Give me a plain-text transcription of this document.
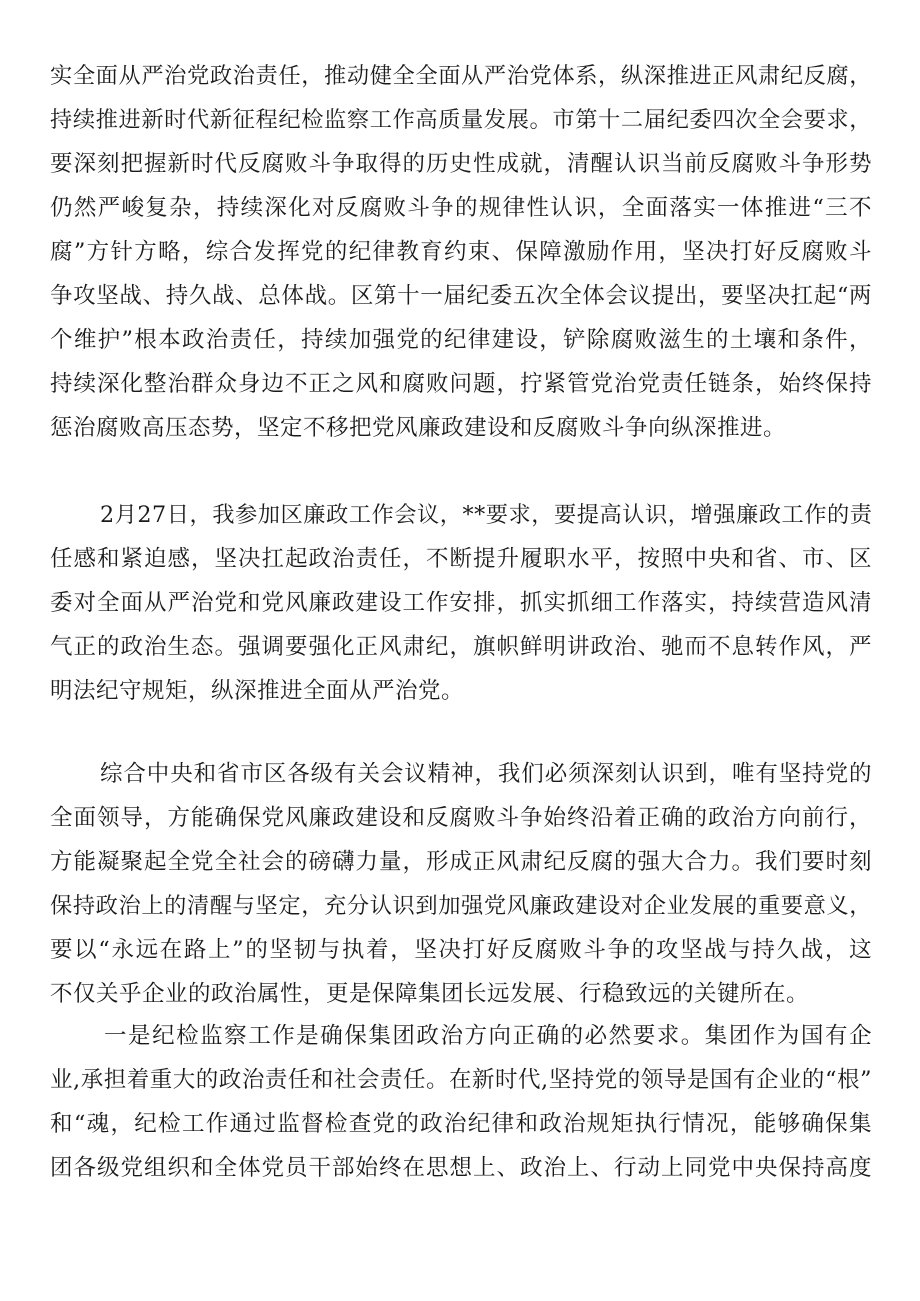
实全面从严治党政治责任，推动健全全面从严治党体系，纵深推进正风肃纪反腐，
持续推进新时代新征程纪检监察工作高质量发展。市第十二届纪委四次全会要求，
要深刻把握新时代反腐败斗争取得的历史性成就，清醒认识当前反腐败斗争形势
仍然严峻复杂，持续深化对反腐败斗争的规律性认识，全面落实一体推进“三不
腐”方针方略，综合发挥党的纪律教育约束、保障激励作用，坚决打好反腐败斗
争攻坚战、持久战、总体战。区第十一届纪委五次全体会议提出，要坚决扛起“两
个维护”根本政治责任，持续加强党的纪律建设，铲除腐败滋生的土壤和条件，
持续深化整治群众身边不正之风和腐败问题，拧紧管党治党责任链条，始终保持
惩治腐败高压态势，坚定不移把党风廉政建设和反腐败斗争向纵深推进。
2月27日，我参加区廉政工作会议，**要求，要提高认识，增强廉政工作的责
任感和紧迫感，坚决扛起政治责任，不断提升履职水平，按照中央和省、市、区
委对全面从严治党和党风廉政建设工作安排，抓实抓细工作落实，持续营造风清
气正的政治生态。强调要强化正风肃纪，旗帜鲜明讲政治、驰而不息转作风，严
明法纪守规矩，纵深推进全面从严治党。
综合中央和省市区各级有关会议精神，我们必须深刻认识到，唯有坚持党的
全面领导，方能确保党风廉政建设和反腐败斗争始终沿着正确的政治方向前行，
方能凝聚起全党全社会的磅礴力量，形成正风肃纪反腐的强大合力。我们要时刻
保持政治上的清醒与坚定，充分认识到加强党风廉政建设对企业发展的重要意义，
要以“永远在路上”的坚韧与执着，坚决打好反腐败斗争的攻坚战与持久战，这
不仅关乎企业的政治属性，更是保障集团长远发展、行稳致远的关键所在。
一是纪检监察工作是确保集团政治方向正确的必然要求。集团作为国有企
业,承担着重大的政治责任和社会责任。在新时代,坚持党的领导是国有企业的“根”
和“魂，纪检工作通过监督检查党的政治纪律和政治规矩执行情况，能够确保集
团各级党组织和全体党员干部始终在思想上、政治上、行动上同党中央保持高度
